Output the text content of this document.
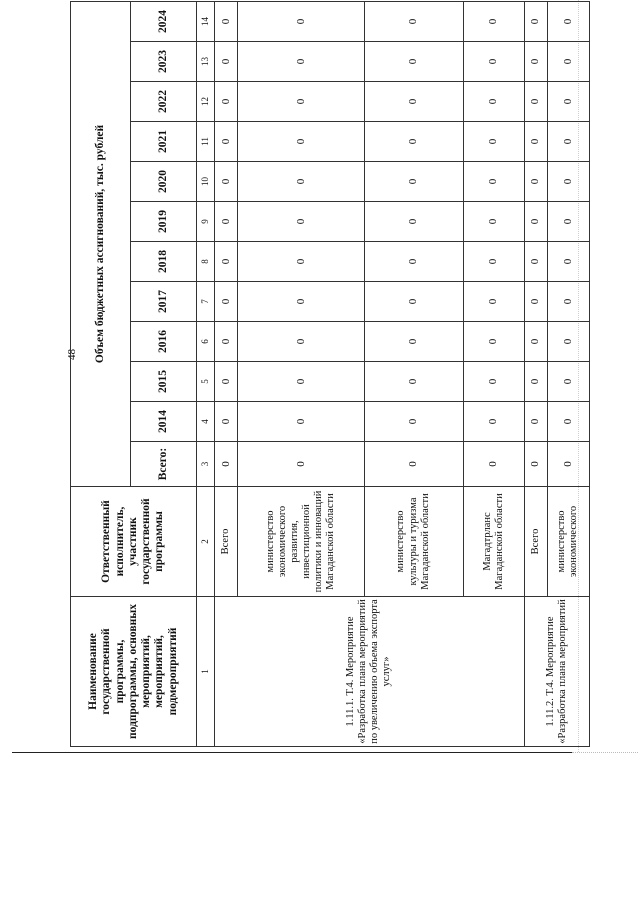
48
Наименование государственной программы, подпрограммы, основных мероприятий, мероприятий, подмероприятий	Ответственный исполнитель, участник государственной программы	Объем бюджетных ассигнований, тыс. рублей											
		Всего:	2014	2015	2016	2017	2018	2019	2020	2021	2022	2023	2024
1	2	3	4	5	6	7	8	9	10	11	12	13	14
1.11.1. Т.4. Мероприятие «Разработка плана мероприятий по увеличению объема экспорта услуг»	Всего	0	0	0	0	0	0	0	0	0	0	0	0
	министерство экономического развития, инвестиционной политики и инноваций Магаданской области	0	0	0	0	0	0	0	0	0	0	0	0
	министерство культуры и туризма Магаданской области	0	0	0	0	0	0	0	0	0	0	0	0
	Магадтрланс Магаданской области	0	0	0	0	0	0	0	0	0	0	0	0
1.11.2. Т.4. Мероприятие «Разработка плана мероприятий	Всего	0	0	0	0	0	0	0	0	0	0	0	0
	министерство экономического	0	0	0	0	0	0	0	0	0	0	0	0
